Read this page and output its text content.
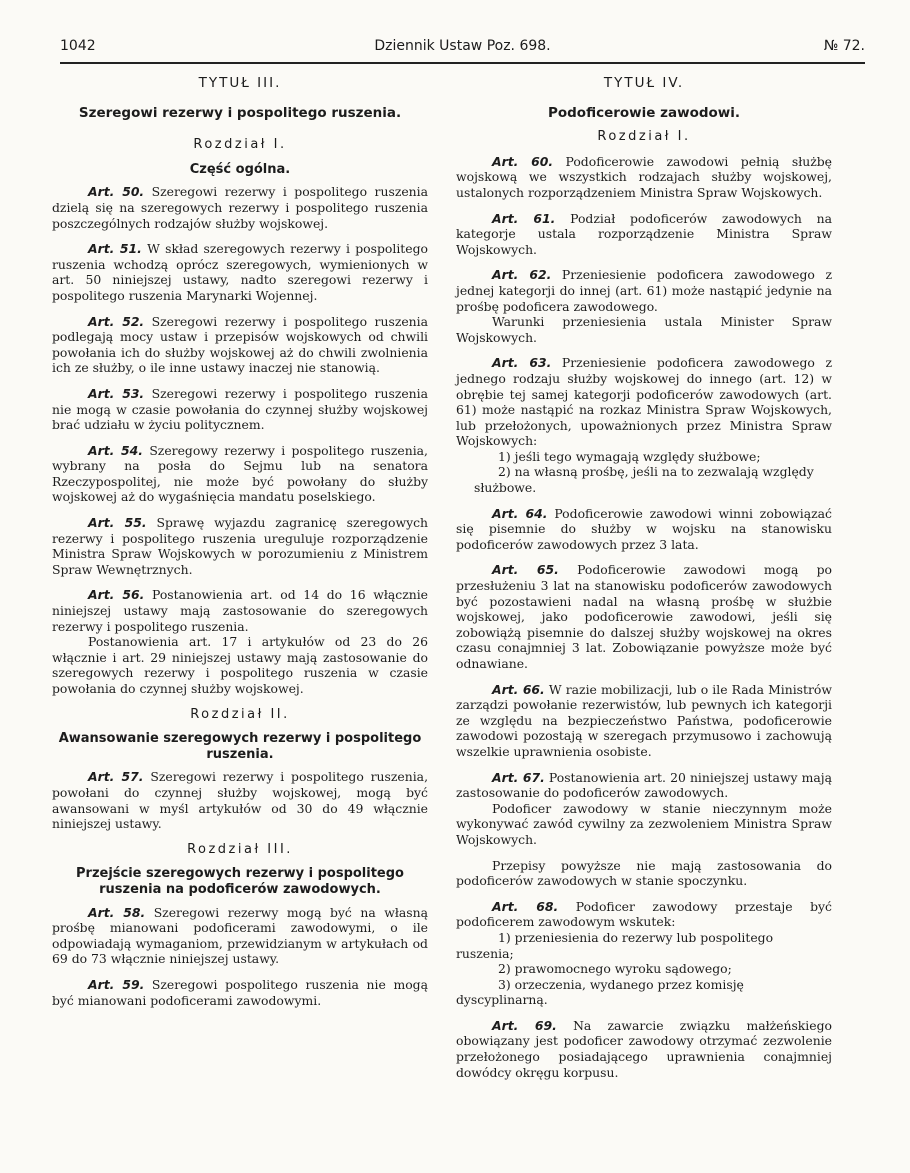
1042	Dziennik Ustaw Poz. 698.	№ 72.
TYTUŁ III.
Szeregowi rezerwy i pospolitego ruszenia.
Rozdział I.
Część ogólna.

Art. 50. Szeregowi rezerwy i pospolitego ruszenia dzielą się na szeregowych rezerwy i pospolitego ruszenia poszczególnych rodzajów służby wojskowej.

Art. 51. W skład szeregowych rezerwy i pospolitego ruszenia wchodzą oprócz szeregowych, wymienionych w art. 50 niniejszej ustawy, nadto szeregowi rezerwy i pospolitego ruszenia Marynarki Wojennej.

Art. 52. Szeregowi rezerwy i pospolitego ruszenia podlegają mocy ustaw i przepisów wojskowych od chwili powołania ich do służby wojskowej aż do chwili zwolnienia ich ze służby, o ile inne ustawy inaczej nie stanowią.

Art. 53. Szeregowi rezerwy i pospolitego ruszenia nie mogą w czasie powołania do czynnej służby wojskowej brać udziału w życiu politycznem.

Art. 54. Szeregowy rezerwy i pospolitego ruszenia, wybrany na posła do Sejmu lub na senatora Rzeczypospolitej, nie może być powołany do służby wojskowej aż do wygaśnięcia mandatu poselskiego.

Art. 55. Sprawę wyjazdu zagranicę szeregowych rezerwy i pospolitego ruszenia ureguluje rozporządzenie Ministra Spraw Wojskowych w porozumieniu z Ministrem Spraw Wewnętrznych.

Art. 56. Postanowienia art. od 14 do 16 włącznie niniejszej ustawy mają zastosowanie do szeregowych rezerwy i pospolitego ruszenia.

Postanowienia art. 17 i artykułów od 23 do 26 włącznie i art. 29 niniejszej ustawy mają zastosowanie do szeregowych rezerwy i pospolitego ruszenia w czasie powołania do czynnej służby wojskowej.

Rozdział II.
Awansowanie szeregowych rezerwy i pospolitego ruszenia.

Art. 57. Szeregowi rezerwy i pospolitego ruszenia, powołani do czynnej służby wojskowej, mogą być awansowani w myśl artykułów od 30 do 49 włącznie niniejszej ustawy.

Rozdział III.
Przejście szeregowych rezerwy i pospolitego ruszenia na podoficerów zawodowych.

Art. 58. Szeregowi rezerwy mogą być na własną prośbę mianowani podoficerami zawodowymi, o ile odpowiadają wymaganiom, przewidzianym w artykułach od 69 do 73 włącznie niniejszej ustawy.

Art. 59. Szeregowi pospolitego ruszenia nie mogą być mianowani podoficerami zawodowymi.

TYTUŁ IV.
Podoficerowie zawodowi.
Rozdział I.

Art. 60. Podoficerowie zawodowi pełnią służbę wojskową we wszystkich rodzajach służby wojskowej, ustalonych rozporządzeniem Ministra Spraw Wojskowych.

Art. 61. Podział podoficerów zawodowych na kategorje ustala rozporządzenie Ministra Spraw Wojskowych.

Art. 62. Przeniesienie podoficera zawodowego z jednej kategorji do innej (art. 61) może nastąpić jedynie na prośbę podoficera zawodowego.

Warunki przeniesienia ustala Minister Spraw Wojskowych.

Art. 63. Przeniesienie podoficera zawodowego z jednego rodzaju służby wojskowej do innego (art. 12) w obrębie tej samej kategorji podoficerów zawodowych (art. 61) może nastąpić na rozkaz Ministra Spraw Wojskowych, lub przełożonych, upoważnionych przez Ministra Spraw Wojskowych:

1) jeśli tego wymagają względy służbowe;

2) na własną prośbę, jeśli na to zezwalają względy służbowe.

Art. 64. Podoficerowie zawodowi winni zobowiązać się pisemnie do służby w wojsku na stanowisku podoficerów zawodowych przez 3 lata.

Art. 65. Podoficerowie zawodowi mogą po przesłużeniu 3 lat na stanowisku podoficerów zawodowych być pozostawieni nadal na własną prośbę w służbie wojskowej, jako podoficerowie zawodowi, jeśli się zobowiążą pisemnie do dalszej służby wojskowej na okres czasu conajmniej 3 lat. Zobowiązanie powyższe może być odnawiane.

Art. 66. W razie mobilizacji, lub o ile Rada Ministrów zarządzi powołanie rezerwistów, lub pewnych ich kategorji ze względu na bezpieczeństwo Państwa, podoficerowie zawodowi pozostają w szeregach przymusowo i zachowują wszelkie uprawnienia osobiste.

Art. 67. Postanowienia art. 20 niniejszej ustawy mają zastosowanie do podoficerów zawodowych.

Podoficer zawodowy w stanie nieczynnym może wykonywać zawód cywilny za zezwoleniem Ministra Spraw Wojskowych.

Przepisy powyższe nie mają zastosowania do podoficerów zawodowych w stanie spoczynku.

Art. 68. Podoficer zawodowy przestaje być podoficerem zawodowym wskutek:

1) przeniesienia do rezerwy lub pospolitego ruszenia;

2) prawomocnego wyroku sądowego;

3) orzeczenia, wydanego przez komisję dyscyplinarną.

Art. 69. Na zawarcie związku małżeńskiego obowiązany jest podoficer zawodowy otrzymać zezwolenie przełożonego posiadającego uprawnienia conajmniej dowódcy okręgu korpusu.
